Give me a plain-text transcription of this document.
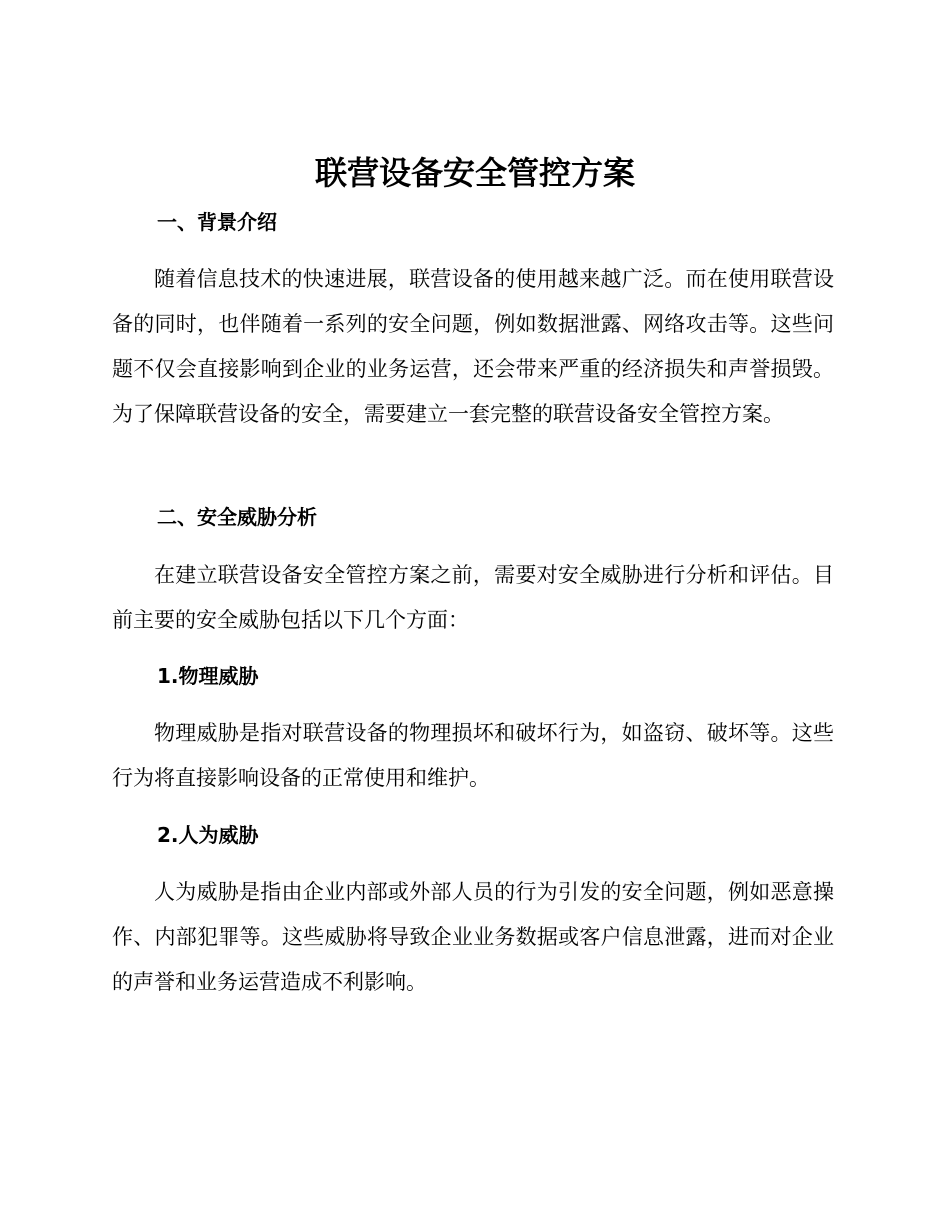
联营设备安全管控方案
一、背景介绍

随着信息技术的快速进展，联营设备的使用越来越广泛。而在使用联营设备的同时，也伴随着一系列的安全问题，例如数据泄露、网络攻击等。这些问题不仅会直接影响到企业的业务运营，还会带来严重的经济损失和声誉损毁。为了保障联营设备的安全，需要建立一套完整的联营设备安全管控方案。

二、安全威胁分析

在建立联营设备安全管控方案之前，需要对安全威胁进行分析和评估。目前主要的安全威胁包括以下几个方面：

1.物理威胁

物理威胁是指对联营设备的物理损坏和破坏行为，如盗窃、破坏等。这些行为将直接影响设备的正常使用和维护。

2.人为威胁

人为威胁是指由企业内部或外部人员的行为引发的安全问题，例如恶意操作、内部犯罪等。这些威胁将导致企业业务数据或客户信息泄露，进而对企业的声誉和业务运营造成不利影响。
